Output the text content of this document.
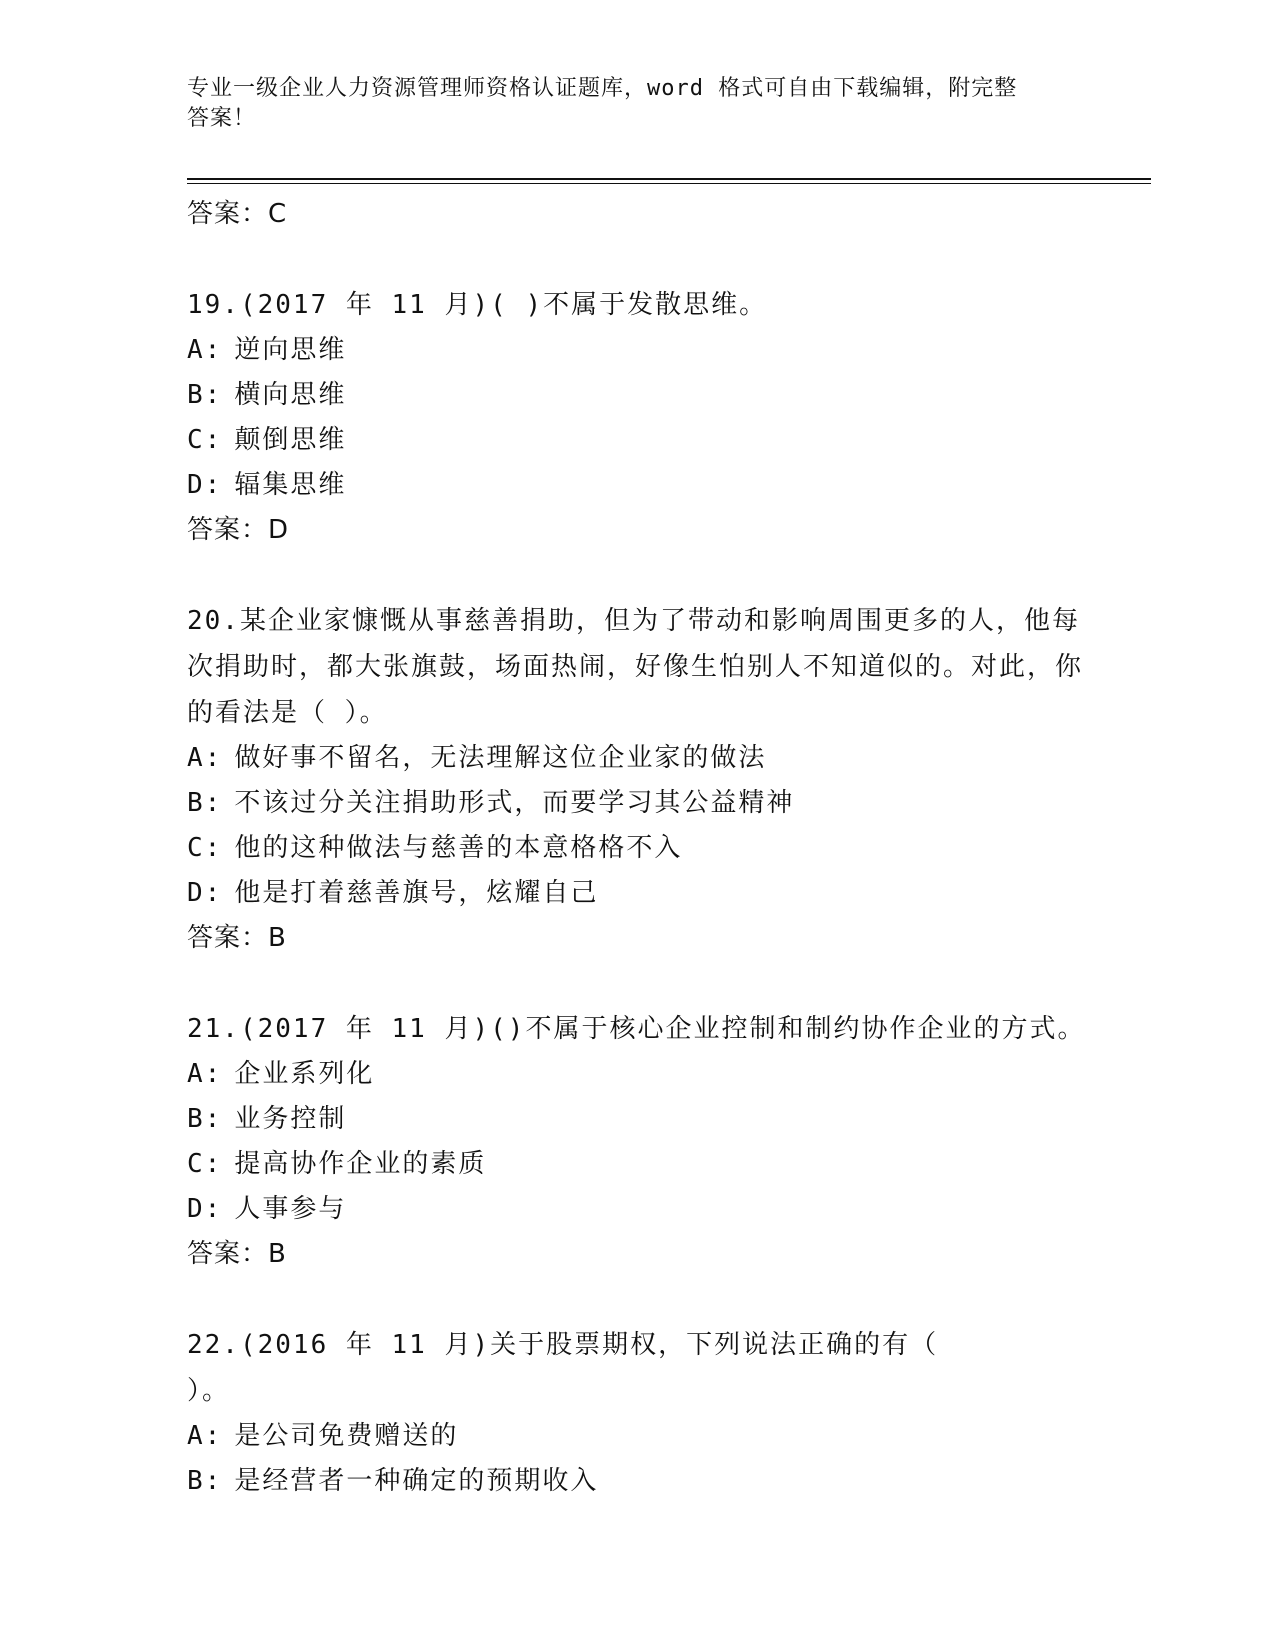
专业一级企业人力资源管理师资格认证题库，word 格式可自由下载编辑，附完整
答案！
答案：C
19.(2017 年 11 月)( )不属于发散思维。
A: 逆向思维
B: 横向思维
C: 颠倒思维
D: 辐集思维
答案：D
20.某企业家慷慨从事慈善捐助，但为了带动和影响周围更多的人，他每次捐助时，都大张旗鼓，场面热闹，好像生怕别人不知道似的。对此，你的看法是（ ）。
A: 做好事不留名，无法理解这位企业家的做法
B: 不该过分关注捐助形式，而要学习其公益精神
C: 他的这种做法与慈善的本意格格不入
D: 他是打着慈善旗号，炫耀自己
答案：B
21.(2017 年 11 月)()不属于核心企业控制和制约协作企业的方式。
A: 企业系列化
B: 业务控制
C: 提高协作企业的素质
D: 人事参与
答案：B
22.(2016 年 11 月)关于股票期权，下列说法正确的有（　　　　）。
A: 是公司免费赠送的
B: 是经营者一种确定的预期收入
